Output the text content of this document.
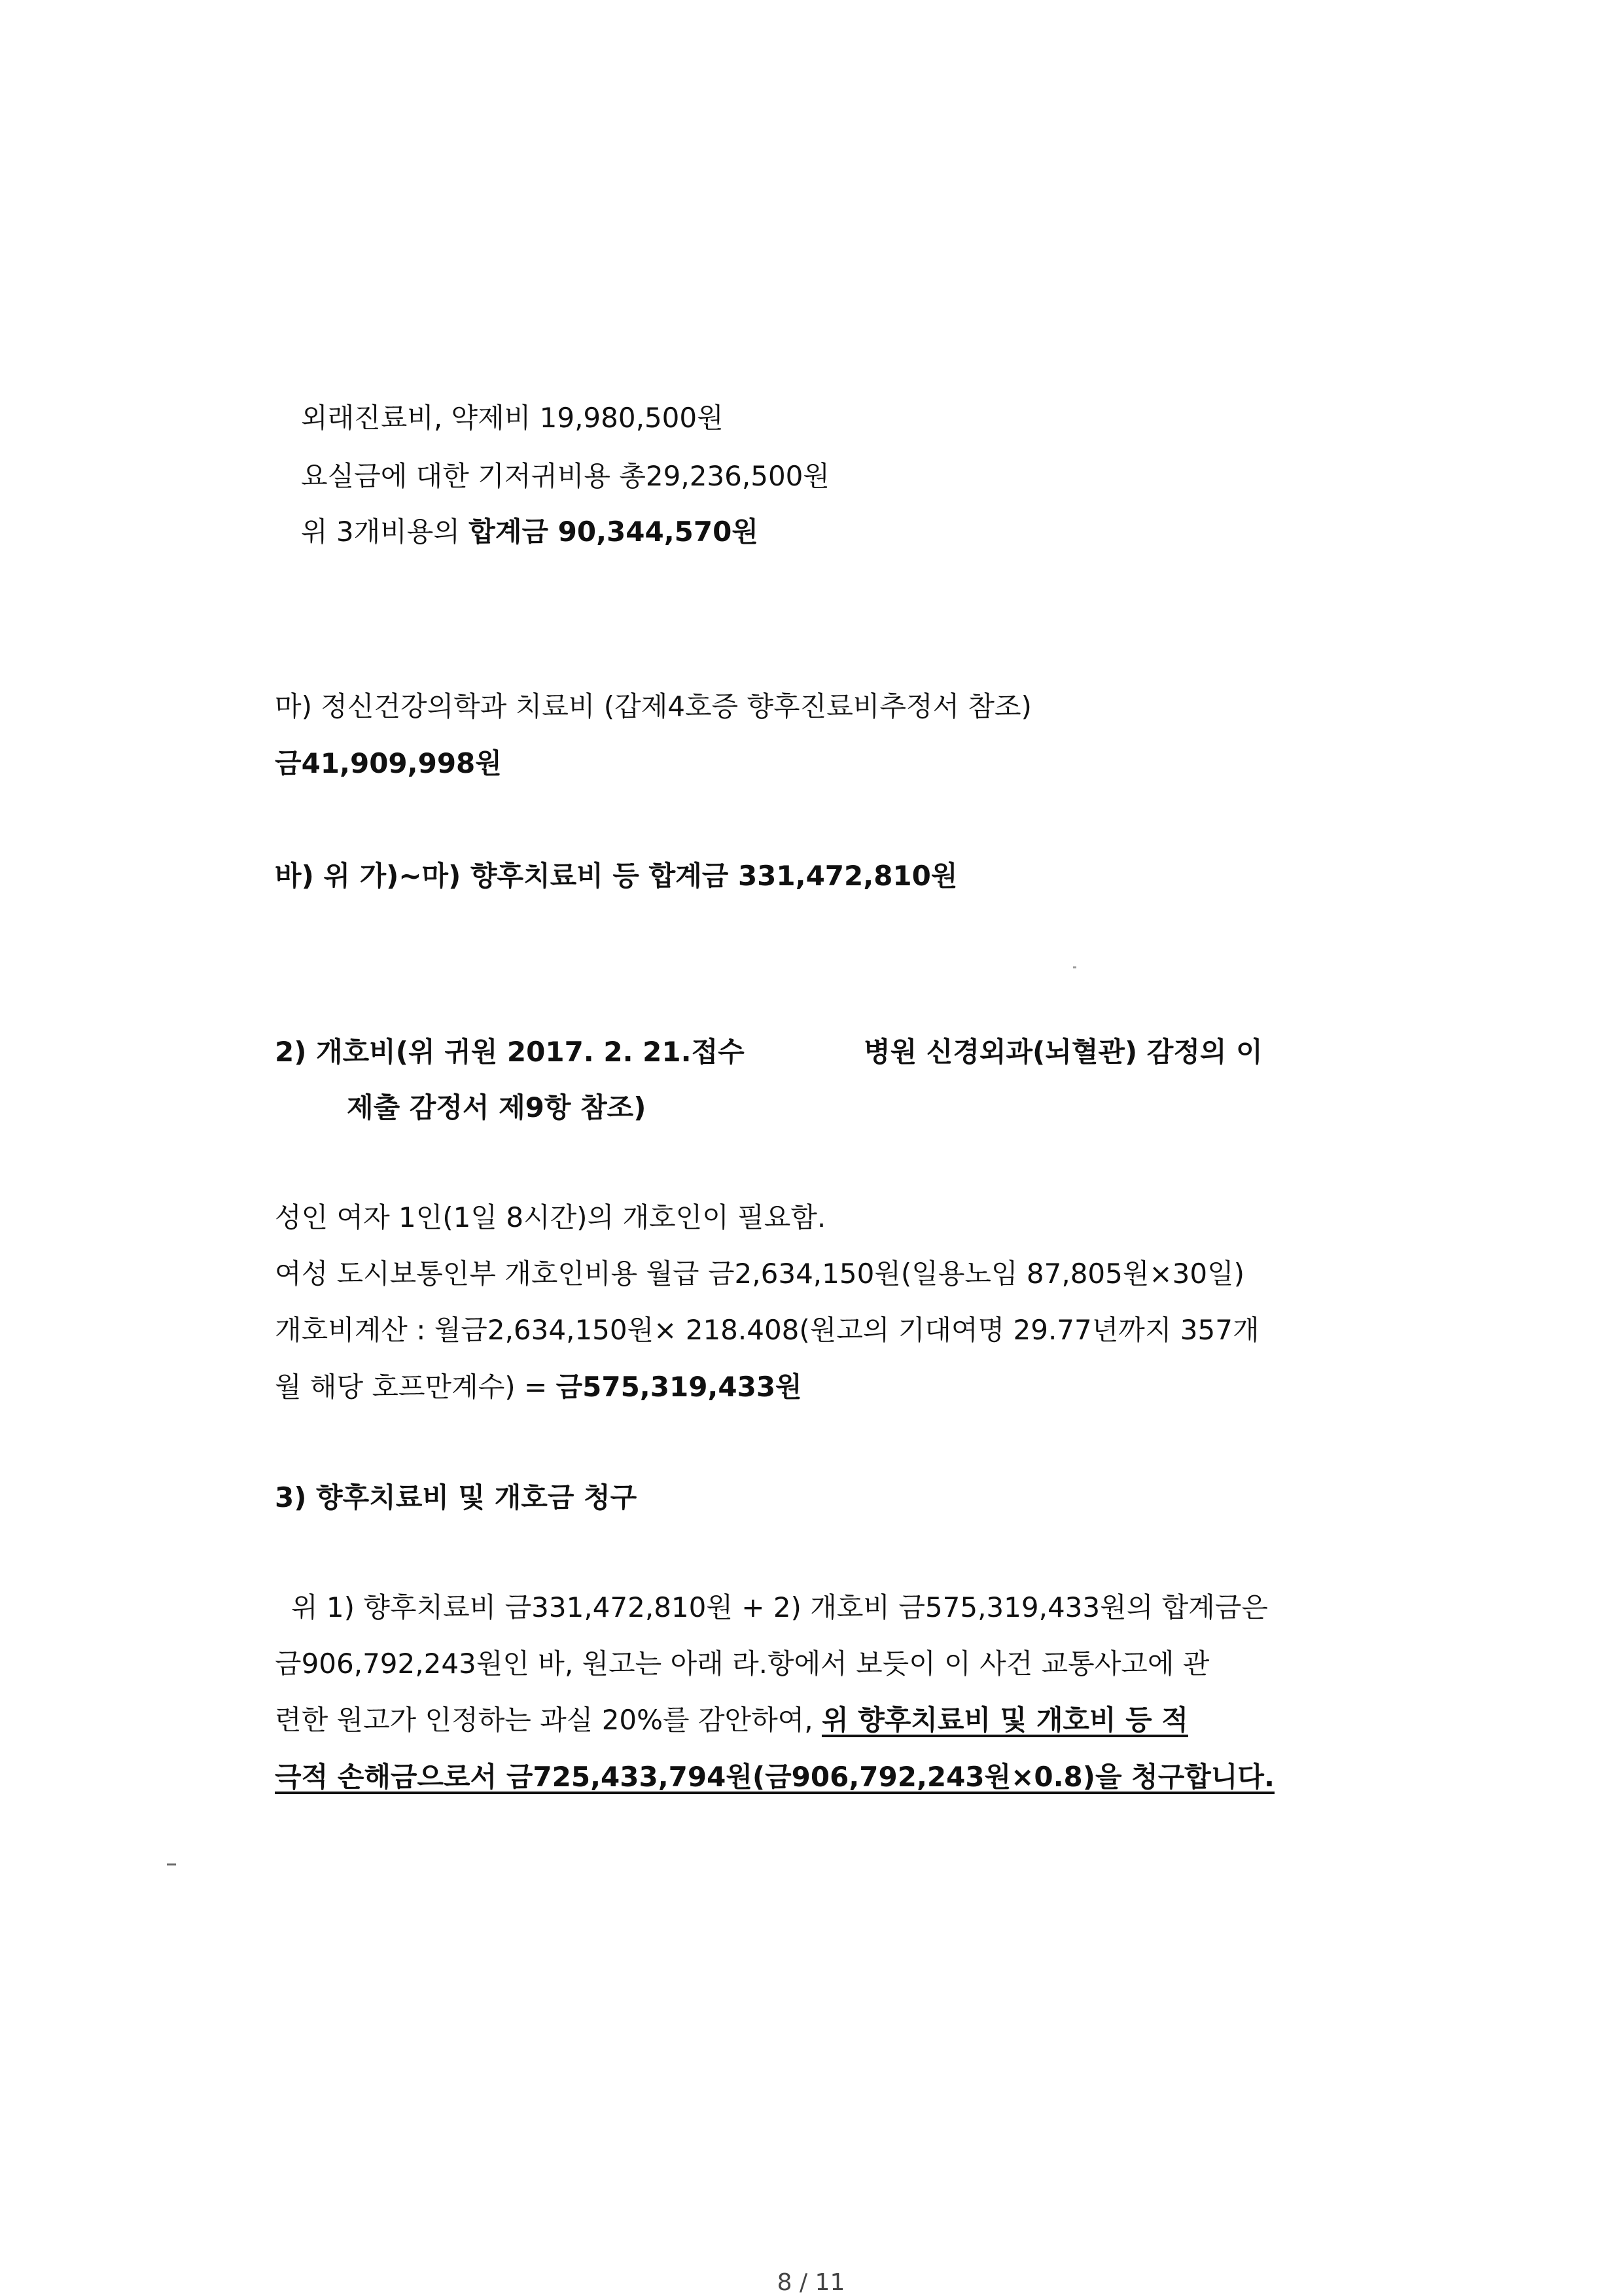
외래진료비, 약제비 19,980,500원
요실금에 대한 기저귀비용 총29,236,500원
위 3개비용의 합계금 90,344,570원
마) 정신건강의학과 치료비 (갑제4호증 향후진료비추정서 참조)
금41,909,998원
바) 위 가)~마) 향후치료비 등 합계금 331,472,810원
2) 개호비(위 귀원 2017. 2. 21.접수	병원 신경외과(뇌혈관) 감정의 이
제출 감정서 제9항 참조)
성인 여자 1인(1일 8시간)의 개호인이 필요함.
여성 도시보통인부 개호인비용 월급 금2,634,150원(일용노임 87,805원×30일)
개호비계산 : 월금2,634,150원× 218.408(원고의 기대여명 29.77년까지 357개
월 해당 호프만계수) = 금575,319,433원
3) 향후치료비 및 개호금 청구
위 1) 향후치료비 금331,472,810원 + 2) 개호비 금575,319,433원의 합계금은
금906,792,243원인 바, 원고는 아래 라.항에서 보듯이 이 사건 교통사고에 관
련한 원고가 인정하는 과실 20%를 감안하여, 위 향후치료비 및 개호비 등 적
극적 손해금으로서 금725,433,794원(금906,792,243원×0.8)을 청구합니다.
8 / 11
